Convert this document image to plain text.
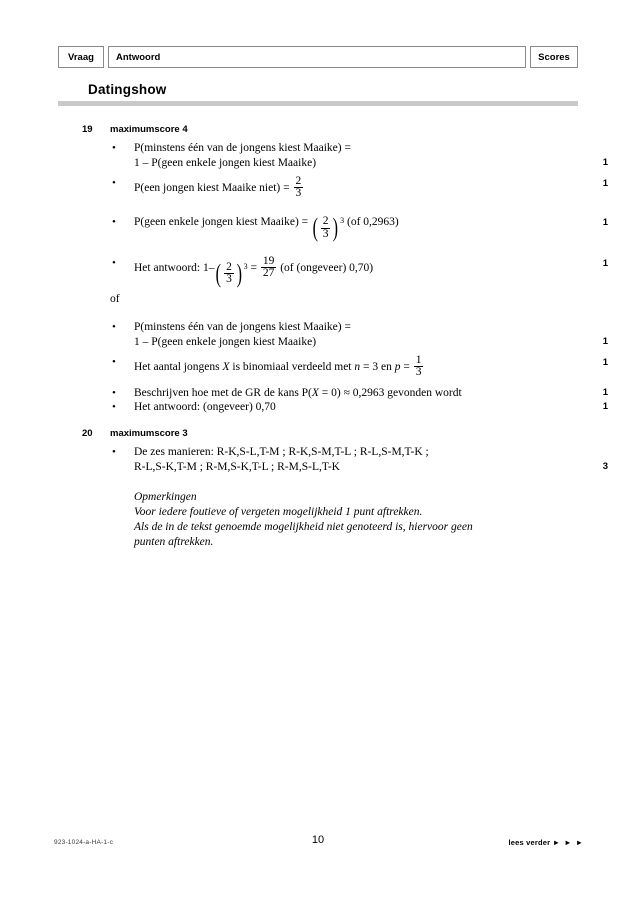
Vraag Antwoord	Scores
Datingshow
19 maximumscore 4
• P(minstens één van de jongens kiest Maaike) =
1 – P(geen enkele jongen kiest Maaike)	1
• P(een jongen kiest Maaike niet) = $\frac{2}{3}$	1
• P(geen enkele jongen kiest Maaike) = ( $\frac{2}{3}$ ) $^3$ (of 0,2963)	1
• Het antwoord: $1-( \frac{2}{3}$ ) $^3 = \frac{19}{27} (of$ (ongeveer) 0,70)	1
of
• P(minstens één van de jongens kiest Maaike) =
1 – P(geen enkele jongen kiest Maaike)	1
• Het aantal jongens X is binomiaal verdeeld met n = 3 en $p = \frac{1}{3}$	1
• Beschrijven hoe met de GR de kans P(X = 0) ≈ 0,2963 gevonden wordt	1
• Het antwoord: (ongeveer) 0,70	1
20 maximumscore 3
• De zes manieren: R-K,S-L,T-M ; R-K,S-M,T-L ; R-L,S-M,T-K ;
R-L,S-K,T-M ; R-M,S-K,T-L ; R-M,S-L,T-K	3
Opmerkingen
Voor iedere foutieve of vergeten mogelijkheid 1 punt aftrekken.
Als de in de tekst genoemde mogelijkheid niet genoteerd is, hiervoor geen
punten aftrekken.
923-1024-a-HA-1-c	10	lees verder ► ► ►
